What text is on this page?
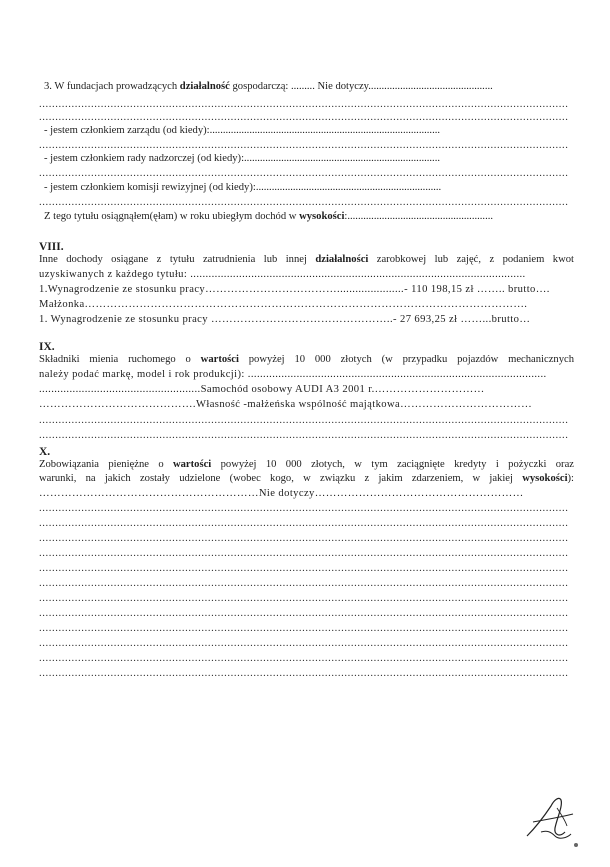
3. W fundacjach prowadzących działalność gospodarczą: ......... Nie dotyczy...............................................
.....
.....
- jestem członkiem zarządu (od kiedy):.......................................................................................
.....
- jestem członkiem rady nadzorczej (od kiedy):..........................................................................
.....
- jestem członkiem komisji rewizyjnej (od kiedy):......................................................................
.....
Z tego tytułu osiągnąłem(ęłam) w roku ubiegłym dochód w wysokości:.......................................................
VIII.
Inne dochody osiągane z tytułu zatrudnienia lub innej działalności zarobkowej lub zajęć, z podaniem kwot
uzyskiwanych z każdego tytułu: ..............................................................................................................
1.Wynagrodzenie ze stosunku pracy………………………………......................- 110 198,15 zł …….. brutto….
Małżonka………………………………………………………………………………………………………….
1. Wynagrodzenie ze stosunku pracy …………………………………………..- 27 693,25 zł ……...brutto…
IX.
Składniki mienia ruchomego o wartości powyżej 10 000 złotych (w przypadku pojazdów mechanicznych
należy podać markę, model i rok produkcji): ..................................................................................................
.....................................................Samochód osobowy AUDI A3 2001 r.…………………………
…………………………………….Własność -małżeńska wspólność majątkowa………………………………
.....
.....
X.
Zobowiązania pieniężne o wartości powyżej 10 000 złotych, w tym zaciągnięte kredyty i pożyczki oraz
warunki, na jakich zostały udzielone (wobec kogo, w związku z jakim zdarzeniem, w jakiej wysokości):
……………………………………………………Nie dotyczy…………………………………………………
.....
.....
.....
.....
.....
.....
.....
.....
.....
.....
.....
.....
